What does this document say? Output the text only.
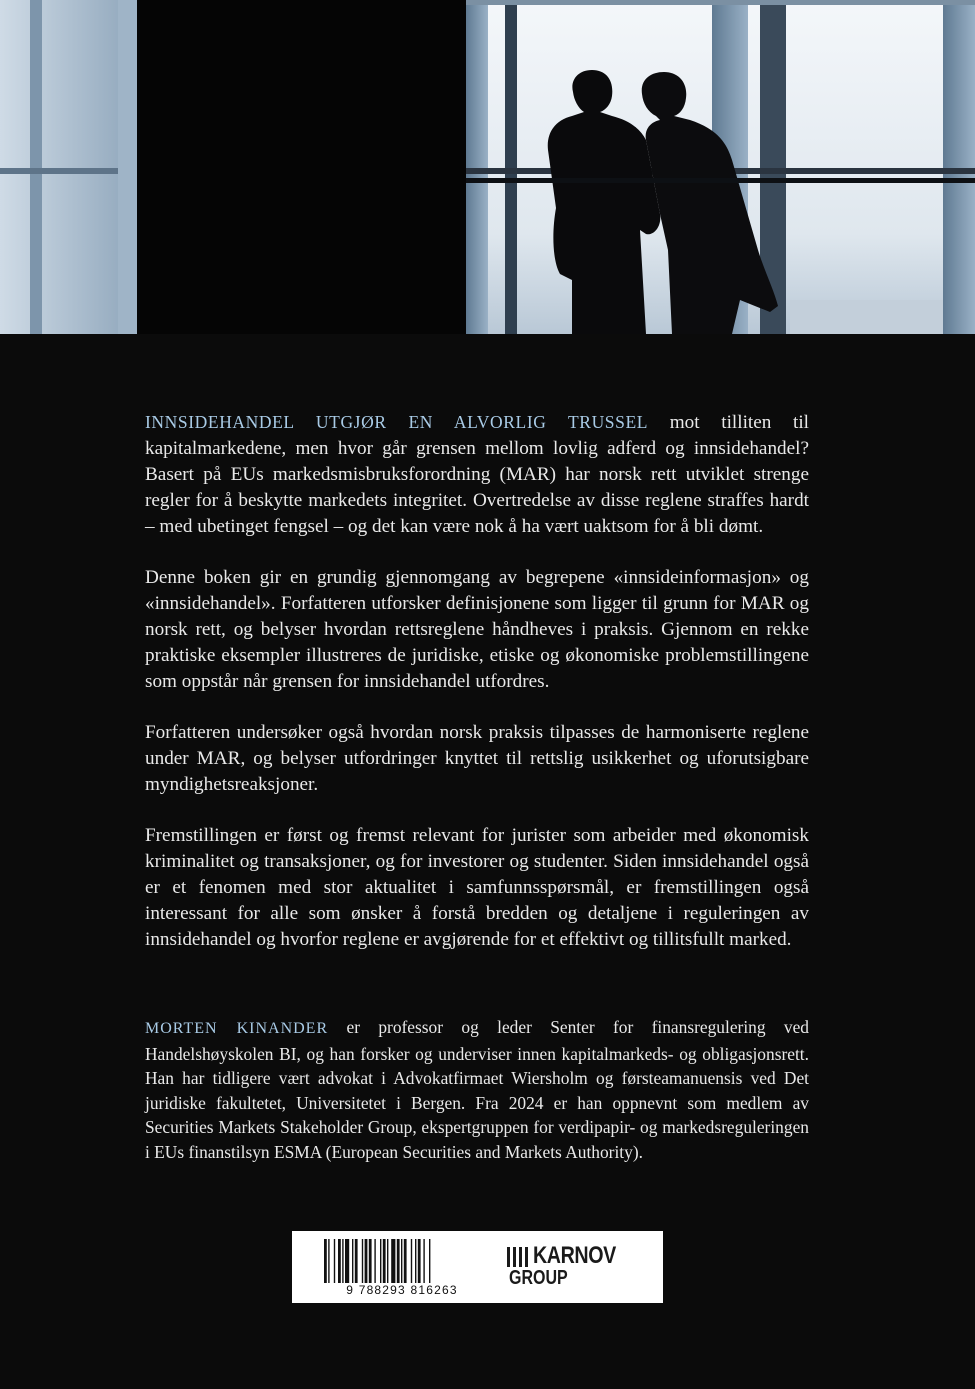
INNSIDEHANDEL UTGJØR EN ALVORLIG TRUSSEL mot tilliten til kapitalmarkedene, men hvor går grensen mellom lovlig adferd og innsidehandel? Basert på EUs markedsmisbruksforordning (MAR) har norsk rett utviklet strenge regler for å beskytte markedets integritet. Overtredelse av disse reglene straffes hardt – med ubetinget fengsel – og det kan være nok å ha vært uaktsom for å bli dømt.

Denne boken gir en grundig gjennomgang av begrepene «innsideinformasjon» og «innsidehandel». Forfatteren utforsker definisjonene som ligger til grunn for MAR og norsk rett, og belyser hvordan rettsreglene håndheves i praksis. Gjennom en rekke praktiske eksempler illustreres de juridiske, etiske og økonomiske problemstillingene som oppstår når grensen for innsidehandel utfordres.

Forfatteren undersøker også hvordan norsk praksis tilpasses de harmoniserte reglene under MAR, og belyser utfordringer knyttet til rettslig usikkerhet og uforutsigbare myndighetsreaksjoner.

Fremstillingen er først og fremst relevant for jurister som arbeider med økonomisk kriminalitet og transaksjoner, og for investorer og studenter. Siden innsidehandel også er et fenomen med stor aktualitet i samfunnsspørsmål, er fremstillingen også interessant for alle som ønsker å forstå bredden og detaljene i reguleringen av innsidehandel og hvorfor reglene er avgjørende for et effektivt og tillitsfullt marked.

MORTEN KINANDER er professor og leder Senter for finansregulering ved Handelshøyskolen BI, og han forsker og underviser innen kapitalmarkeds- og obligasjonsrett. Han har tidligere vært advokat i Advokatfirmaet Wiersholm og førsteamanuensis ved Det juridiske fakultetet, Universitetet i Bergen. Fra 2024 er han oppnevnt som medlem av Securities Markets Stakeholder Group, ekspertgruppen for verdipapir- og markedsreguleringen i EUs finanstilsyn ESMA (European Securities and Markets Authority).
9 788293 816263
KARNOV
GROUP
